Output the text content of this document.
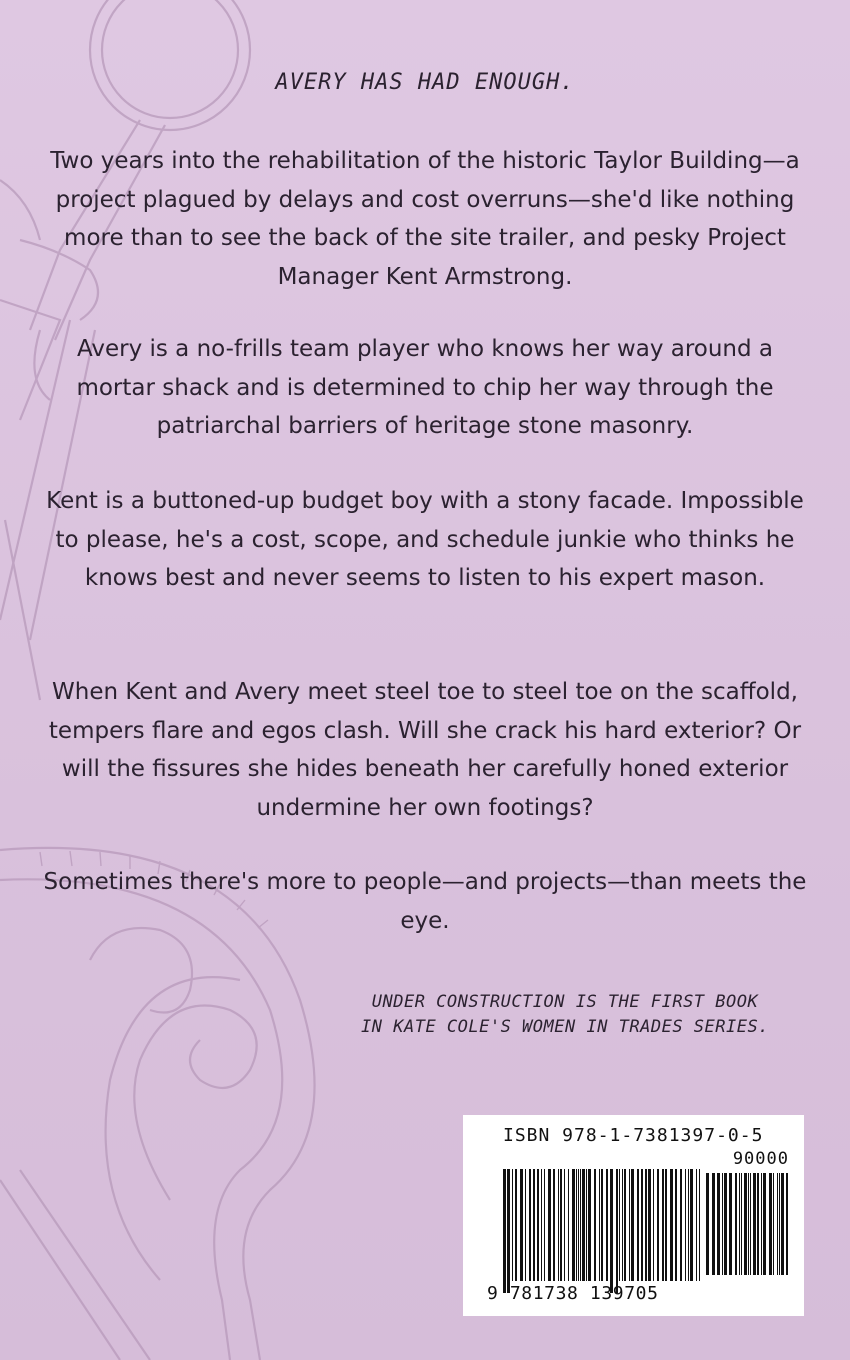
AVERY HAS HAD ENOUGH.
Two years into the rehabilitation of the historic Taylor Building—a project plagued by delays and cost overruns—she'd like nothing more than to see the back of the site trailer, and pesky Project Manager Kent Armstrong.
Avery is a no-frills team player who knows her way around a mortar shack and is determined to chip her way through the patriarchal barriers of heritage stone masonry.
Kent is a buttoned-up budget boy with a stony facade. Impossible to please, he's a cost, scope, and schedule junkie who thinks he knows best and never seems to listen to his expert mason.
When Kent and Avery meet steel toe to steel toe on the scaffold, tempers flare and egos clash. Will she crack his hard exterior? Or will the fissures she hides beneath her carefully honed exterior undermine her own footings?
Sometimes there's more to people—and projects—than meets the eye.
UNDER CONSTRUCTION IS THE FIRST BOOK
IN KATE COLE'S WOMEN IN TRADES SERIES.
ISBN 978-1-7381397-0-5
90000
9 781738 139705
